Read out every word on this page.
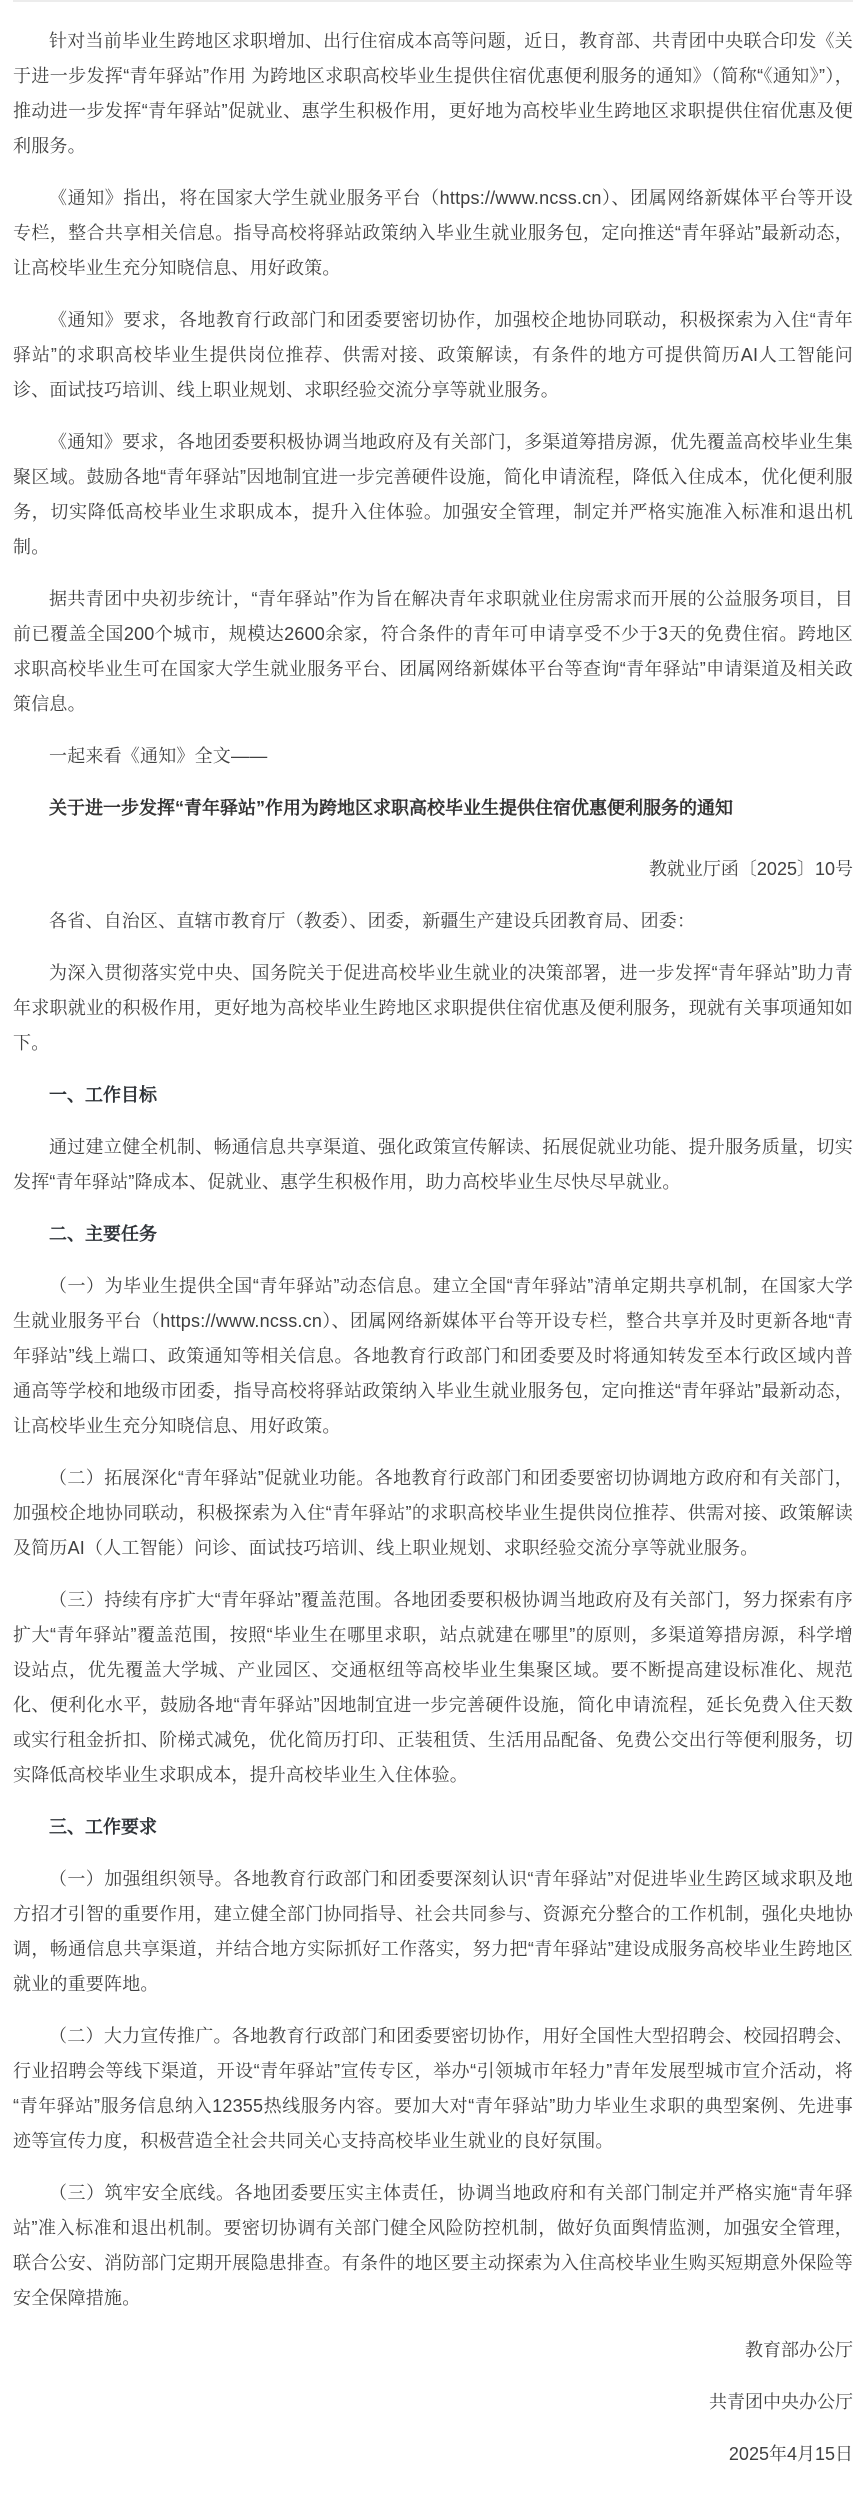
针对当前毕业生跨地区求职增加、出行住宿成本高等问题，近日，教育部、共青团中央联合印发《关于进一步发挥“青年驿站”作用 为跨地区求职高校毕业生提供住宿优惠便利服务的通知》（简称“《通知》”），推动进一步发挥“青年驿站”促就业、惠学生积极作用，更好地为高校毕业生跨地区求职提供住宿优惠及便利服务。

《通知》指出，将在国家大学生就业服务平台（https://www.ncss.cn）、团属网络新媒体平台等开设专栏，整合共享相关信息。指导高校将驿站政策纳入毕业生就业服务包，定向推送“青年驿站”最新动态，让高校毕业生充分知晓信息、用好政策。

《通知》要求，各地教育行政部门和团委要密切协作，加强校企地协同联动，积极探索为入住“青年驿站”的求职高校毕业生提供岗位推荐、供需对接、政策解读，有条件的地方可提供简历AI人工智能问诊、面试技巧培训、线上职业规划、求职经验交流分享等就业服务。

《通知》要求，各地团委要积极协调当地政府及有关部门，多渠道筹措房源，优先覆盖高校毕业生集聚区域。鼓励各地“青年驿站”因地制宜进一步完善硬件设施，简化申请流程，降低入住成本，优化便利服务，切实降低高校毕业生求职成本，提升入住体验。加强安全管理，制定并严格实施准入标准和退出机制。

据共青团中央初步统计，“青年驿站”作为旨在解决青年求职就业住房需求而开展的公益服务项目，目前已覆盖全国200个城市，规模达2600余家，符合条件的青年可申请享受不少于3天的免费住宿。跨地区求职高校毕业生可在国家大学生就业服务平台、团属网络新媒体平台等查询“青年驿站”申请渠道及相关政策信息。

一起来看《通知》全文——

关于进一步发挥“青年驿站”作用为跨地区求职高校毕业生提供住宿优惠便利服务的通知

教就业厅函〔2025〕10号

各省、自治区、直辖市教育厅（教委）、团委，新疆生产建设兵团教育局、团委：

为深入贯彻落实党中央、国务院关于促进高校毕业生就业的决策部署，进一步发挥“青年驿站”助力青年求职就业的积极作用，更好地为高校毕业生跨地区求职提供住宿优惠及便利服务，现就有关事项通知如下。

一、工作目标

通过建立健全机制、畅通信息共享渠道、强化政策宣传解读、拓展促就业功能、提升服务质量，切实发挥“青年驿站”降成本、促就业、惠学生积极作用，助力高校毕业生尽快尽早就业。

二、主要任务

（一）为毕业生提供全国“青年驿站”动态信息。建立全国“青年驿站”清单定期共享机制，在国家大学生就业服务平台（https://www.ncss.cn）、团属网络新媒体平台等开设专栏，整合共享并及时更新各地“青年驿站”线上端口、政策通知等相关信息。各地教育行政部门和团委要及时将通知转发至本行政区域内普通高等学校和地级市团委，指导高校将驿站政策纳入毕业生就业服务包，定向推送“青年驿站”最新动态，让高校毕业生充分知晓信息、用好政策。

（二）拓展深化“青年驿站”促就业功能。各地教育行政部门和团委要密切协调地方政府和有关部门，加强校企地协同联动，积极探索为入住“青年驿站”的求职高校毕业生提供岗位推荐、供需对接、政策解读及简历AI（人工智能）问诊、面试技巧培训、线上职业规划、求职经验交流分享等就业服务。

（三）持续有序扩大“青年驿站”覆盖范围。各地团委要积极协调当地政府及有关部门，努力探索有序扩大“青年驿站”覆盖范围，按照“毕业生在哪里求职，站点就建在哪里”的原则，多渠道筹措房源，科学增设站点，优先覆盖大学城、产业园区、交通枢纽等高校毕业生集聚区域。要不断提高建设标准化、规范化、便利化水平，鼓励各地“青年驿站”因地制宜进一步完善硬件设施，简化申请流程，延长免费入住天数或实行租金折扣、阶梯式减免，优化简历打印、正装租赁、生活用品配备、免费公交出行等便利服务，切实降低高校毕业生求职成本，提升高校毕业生入住体验。

三、工作要求

（一）加强组织领导。各地教育行政部门和团委要深刻认识“青年驿站”对促进毕业生跨区域求职及地方招才引智的重要作用，建立健全部门协同指导、社会共同参与、资源充分整合的工作机制，强化央地协调，畅通信息共享渠道，并结合地方实际抓好工作落实，努力把“青年驿站”建设成服务高校毕业生跨地区就业的重要阵地。

（二）大力宣传推广。各地教育行政部门和团委要密切协作，用好全国性大型招聘会、校园招聘会、行业招聘会等线下渠道，开设“青年驿站”宣传专区，举办“引领城市年轻力”青年发展型城市宣介活动，将“青年驿站”服务信息纳入12355热线服务内容。要加大对“青年驿站”助力毕业生求职的典型案例、先进事迹等宣传力度，积极营造全社会共同关心支持高校毕业生就业的良好氛围。

（三）筑牢安全底线。各地团委要压实主体责任，协调当地政府和有关部门制定并严格实施“青年驿站”准入标准和退出机制。要密切协调有关部门健全风险防控机制，做好负面舆情监测，加强安全管理，联合公安、消防部门定期开展隐患排查。有条件的地区要主动探索为入住高校毕业生购买短期意外保险等安全保障措施。

教育部办公厅

共青团中央办公厅

2025年4月15日
